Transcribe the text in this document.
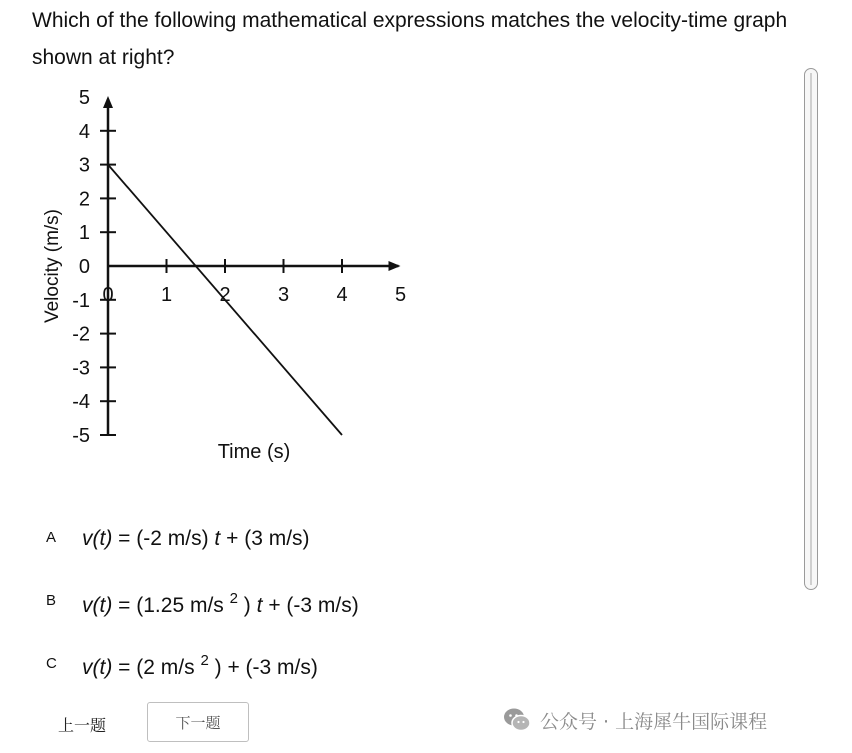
Which of the following mathematical expressions matches the velocity-time graph shown at right?
5
4
3
2
1
0
-1
-2
-3
-4
-5
0 1 2 3 4 5
Time (s)
Velocity (m/s)
A v(t) = (-2 m/s) t + (3 m/s)
B v(t) = (1.25 m/s $^2$ ) t + (-3 m/s)
C v(t) = (2 m/s $^2$ ) + (-3 m/s)
上一题	下一题	公众号 · 上海犀牛国际课程
